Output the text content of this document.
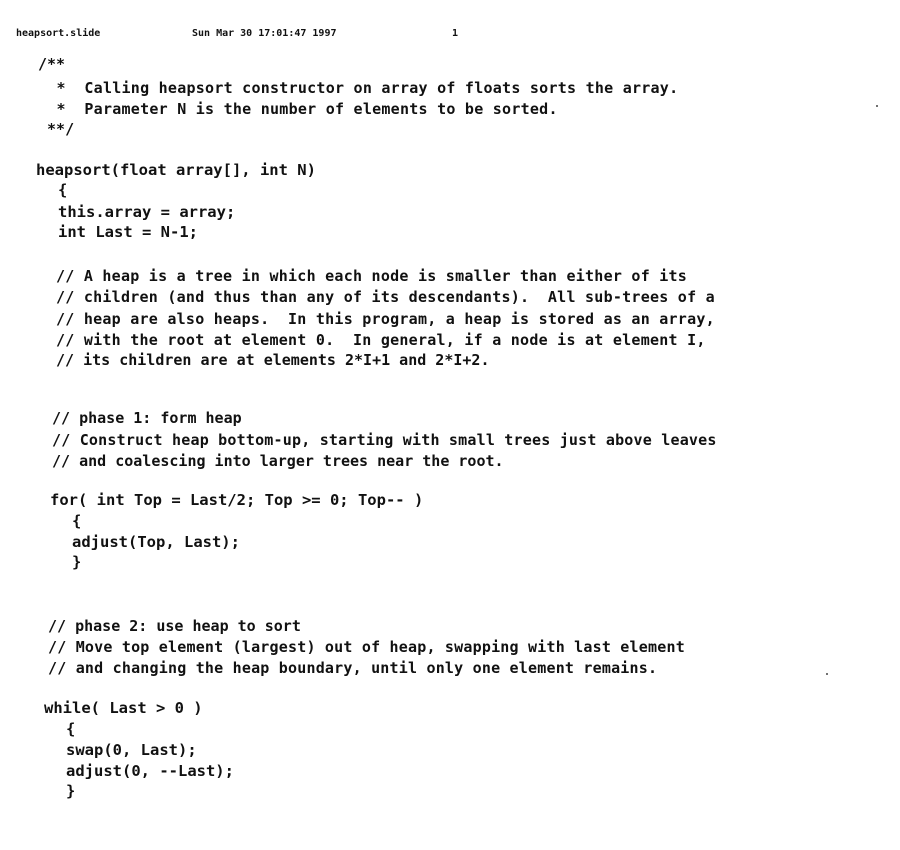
heapsort.slide	Sun Mar 30 17:01:47 1997	1
/**
*  Calling heapsort constructor on array of floats sorts the array.
*  Parameter N is the number of elements to be sorted.
**/
heapsort(float array[], int N)
{
this.array = array;
int Last = N-1;
// A heap is a tree in which each node is smaller than either of its
// children (and thus than any of its descendants).  All sub-trees of a
// heap are also heaps.  In this program, a heap is stored as an array,
// with the root at element 0.  In general, if a node is at element I,
// its children are at elements 2*I+1 and 2*I+2.
// phase 1: form heap
// Construct heap bottom-up, starting with small trees just above leaves
// and coalescing into larger trees near the root.
for( int Top = Last/2; Top >= 0; Top-- )
{
adjust(Top, Last);
}
// phase 2: use heap to sort
// Move top element (largest) out of heap, swapping with last element
// and changing the heap boundary, until only one element remains.
while( Last > 0 )
{
swap(0, Last);
adjust(0, --Last);
}
